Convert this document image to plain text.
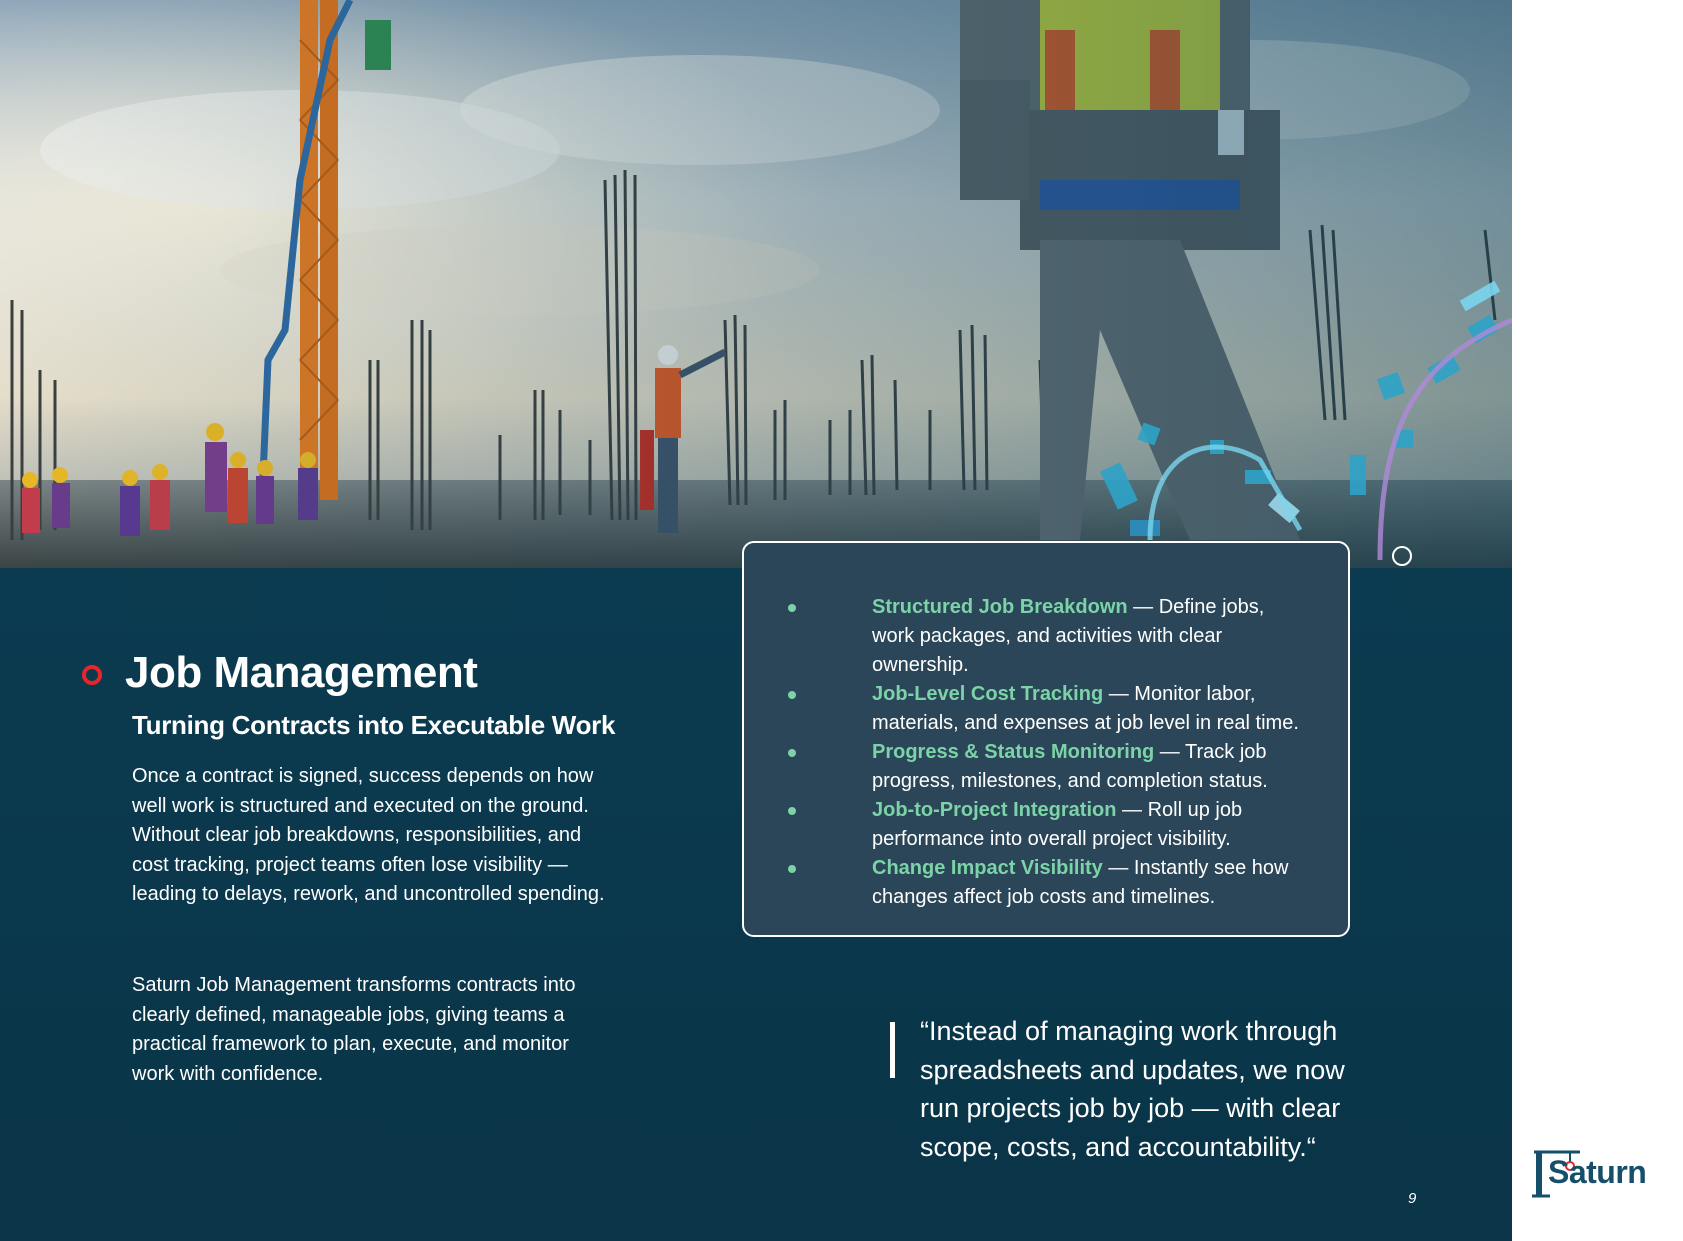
Job Management
Turning Contracts into Executable Work

Once a contract is signed, success depends on how well work is structured and executed on the ground. Without clear job breakdowns, responsibilities, and cost tracking, project teams often lose visibility — leading to delays, rework, and uncontrolled spending.

Saturn Job Management transforms contracts into clearly defined, manageable jobs, giving teams a practical framework to plan, execute, and monitor work with confidence.

Structured Job Breakdown — Define jobs, work packages, and activities with clear ownership.
Job-Level Cost Tracking — Monitor labor, materials, and expenses at job level in real time.
Progress & Status Monitoring — Track job progress, milestones, and completion status.
Job-to-Project Integration — Roll up job performance into overall project visibility.
Change Impact Visibility — Instantly see how changes affect job costs and timelines.
“Instead of managing work through spreadsheets and updates, we now run projects job by job — with clear scope, costs, and accountability.“
9
Saturn
